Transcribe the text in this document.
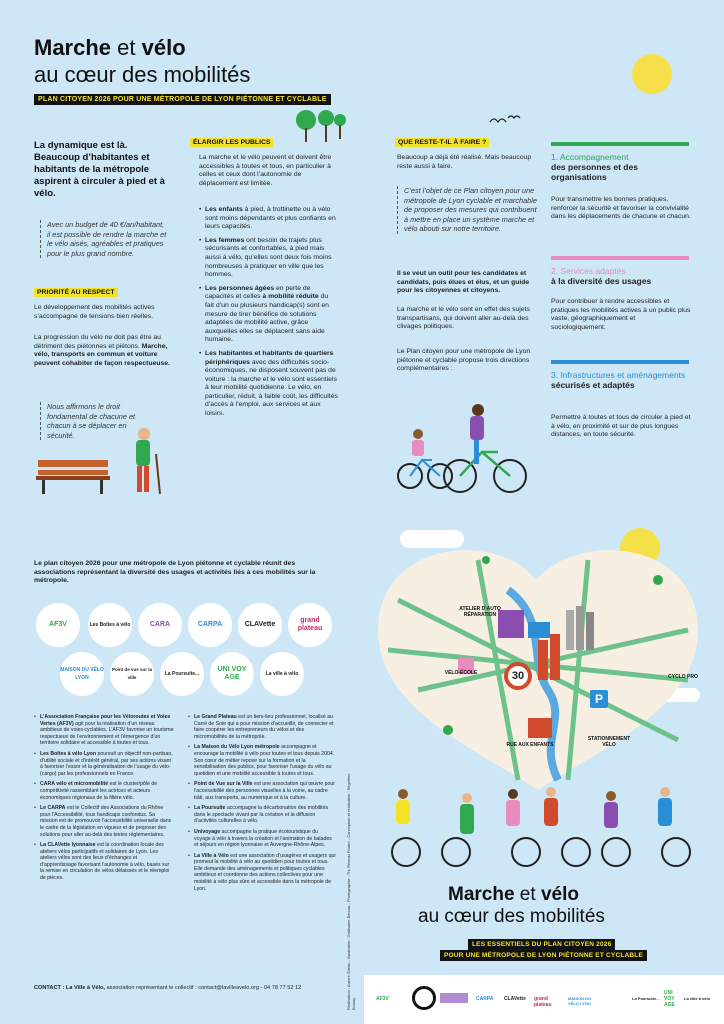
Marche et vélo
au cœur des mobilités
PLAN CITOYEN 2026 POUR UNE MÉTROPOLE DE LYON PIÉTONNE ET CYCLABLE
La dynamique est là. Beaucoup d’habitantes et habitants de la métropole aspirent à circuler à pied et à vélo.
Avec un budget de 40 €/an/habitant, il est possible de rendre la marche et le vélo aisés, agréables et pratiques pour le plus grand nombre.
PRIORITÉ AU RESPECT
Le développement des mobilités actives s’accompagne de tensions bien réelles.
La progression du vélo ne doit pas être au détriment des piétonnes et piétons. Marche, vélo, transports en commun et voiture peuvent cohabiter de façon respectueuse.
Nous affirmons le droit fondamental de chacune et chacun à se déplacer en sécurité.
ÉLARGIR LES PUBLICS
La marche et le vélo peuvent et doivent être accessibles à toutes et tous, en particulier à celles et ceux dont l’autonomie de déplacement est limitée.
• Les enfants à pied, à trottinette ou à vélo sont moins dépendants et plus confiants en leurs capacités.
• Les femmes ont besoin de trajets plus sécurisants et confortables, à pied mais aussi à vélo, qu’elles sont deux fois moins nombreuses à pratiquer en ville que les hommes.
• Les personnes âgées en perte de capacités et celles à mobilité réduite du fait d’un ou plusieurs handicap(s) sont en mesure de tirer bénéfice de solutions adaptées de mobilité active, grâce auxquelles elles se déplacent sans aide humaine.
• Les habitantes et habitants de quartiers périphériques avec des difficultés socio-économiques, ne disposent souvent pas de voiture : la marche et le vélo sont essentiels à leur mobilité quotidienne. Le vélo, en particulier, réduit, à faible coût, les difficultés d’accès à l’emploi, aux services et aux loisirs.
QUE RESTE-T-IL À FAIRE ?
Beaucoup a déjà été réalisé. Mais beaucoup reste aussi à faire.
C’est l’objet de ce Plan citoyen pour une métropole de Lyon cyclable et marchable de proposer des mesures qui contribuent à mettre en place un système marche et vélo abouti sur notre territoire.
Il se veut un outil pour les candidates et candidats, puis élues et élus, et un guide pour les citoyennes et citoyens.
La marche et le vélo sont en effet des sujets transpartisans, qui doivent aller au-delà des clivages politiques.
Le Plan citoyen pour une métropole de Lyon piétonne et cyclable propose trois directions complémentaires :
1. Accompagnement
des personnes et des organisations
Pour transmettre les bonnes pratiques, renforcer la sécurité et favoriser la convivialité dans les déplacements de chacune et chacun.
2. Services adaptés
à la diversité des usages
Pour contribuer à rendre accessibles et pratiques les mobilités actives à un public plus vaste, géographiquement et sociologiquement.
3. Infrastructures et aménagements
sécurisés et adaptés
Permettre à toutes et tous de circuler à pied et à vélo, en proximité et sur de plus longues distances, en toute sécurité.
Le plan citoyen 2026 pour une métropole de Lyon piétonne et cyclable réunit des associations représentant la diversité des usages et activités liés à ces mobilités sur la métropole.
AF3V	Les Boîtes à vélo	CARA	CARPA	CLAVette
grand plateau
MAISON DU VÉLO LYON
Point de vue sur la ville
La Poursuite...
UNI VOY AGE	La ville à vélo

• L’Association Française pour les Véloroutes et Voies Vertes (AF3V) agit pour la réalisation d’un réseau ambitieux de voies cyclables. L’AF3V favorise un tourisme respectueux de l’environnement et l’émergence d’un territoire solidaire et accessible à toutes et tous.

• Les Boîtes à vélo Lyon poursuit un objectif non-partisan, d’utilité sociale et d’intérêt général, par ses actions visant à favoriser l’essor et la généralisation de l’usage du vélo-(cargo) par les professionnels en France.

• CARA vélo et micromobilité est le cluster/pôle de compétitivité rassemblant les actrices et acteurs économiques régionaux de la filière vélo.

• Le CARPA est le Collectif des Associations du Rhône pour l’Accessibilité, tous handicaps confondus. Sa mission est de promouvoir l’accessibilité universelle dans le cadre de la législation en vigueur et de proposer des solutions pour aller au-delà des textes réglementaires.

• La CLAVette lyonnaise est la coordination locale des ateliers vélos participatifs et solidaires de Lyon. Les ateliers vélos sont des lieux d’échanges et d’apprentissage favorisant l’autonomie à vélo, basés sur la remise en circulation de vélos délaissés et le réemploi de pièces.

• Le Grand Plateau est un tiers-lieu professionnel, localisé au Carré de Soie qui a pour mission d’accueillir, de connecter et faire coopérer les entrepreneurs du vélos et des micromobilités de la métropole.

• La Maison du Vélo Lyon métropole accompagne et encourage la mobilité à vélo pour toutes et tous depuis 2004. Son cœur de métier repose sur la formation et la sensibilisation des publics, pour favoriser l’usage du vélo au quotidien et une mobilité accessible à toutes et tous.

• Point de Vue sur la Ville est une association qui œuvre pour l’accessibilité des personnes visuelles à la voirie, au cadre bâti, aux transports, au numérique et à la culture.

• La Poursuite accompagne la décarbonation des mobilités dans le spectacle vivant par la création et la diffusion d’activités culturelles à vélo.

• Univoyage accompagne la pratique écotouristique du voyage à vélo à travers la création et l’animation de balades et séjours en région lyonnaise et Auvergne-Rhône-Alpes.

• La Ville à Vélo est une association d’usagères et usagers qui promeut la mobilité à vélo au quotidien pour toutes et tous. Elle demande des aménagements et politiques cyclables ambitieux et coordonne des actions collectives pour une mobilité à vélo plus sûre et accessible dans la métropole de Lyon.

CONTACT : La Ville à Vélo, association représentant le collectif : contact@lavilleavelo.org - 04 78 77 52 12
ATELIER D’AUTO RÉPARATION
VÉLO-ÉCOLE
CYCLO PRO
STATIONNEMENT VÉLO
RUE AUX ENFANTS
30
P
Marche et vélo
au cœur des mobilités
LES ESSENTIELS DU PLAN CITOYEN 2026
POUR UNE MÉTROPOLE DE LYON PIÉTONNE ET CYCLABLE
Réalisation : Aurore Galvin - Illustration : Guillaume Bercau - Photographie : Thr Réseau Poutre - Conception et réalisation : Ségolène Boulay	AF3V	CARPA CLAVette grand plateau
MAISON DU VÉLO LYON
La Poursuite...
UNI VOY AGE
La ville à vélo
